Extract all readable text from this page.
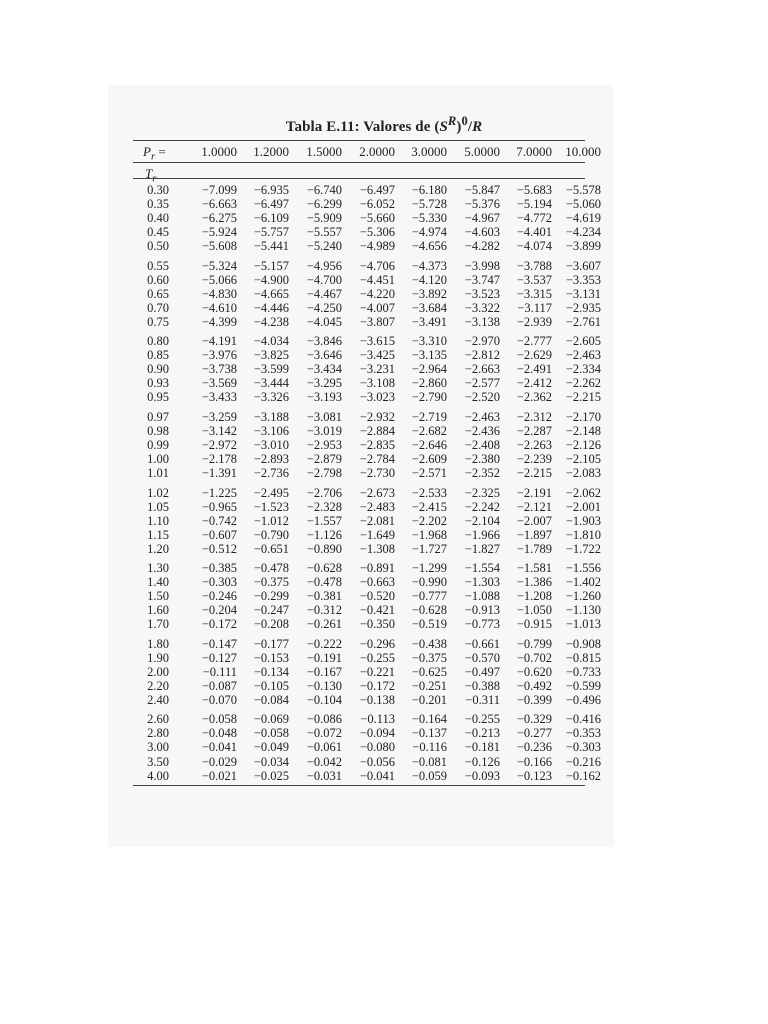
Tabla E.11: Valores de $(S^R)^0/R$
$P_r$ =	1.0000	1.2000	1.5000	2.0000	3.0000	5.0000	7.0000	10.000
$T_r$
0.30	−7.099	−6.935	−6.740	−6.497	−6.180	−5.847	−5.683	−5.578
0.35	−6.663	−6.497	−6.299	−6.052	−5.728	−5.376	−5.194	−5.060
0.40	−6.275	−6.109	−5.909	−5.660	−5.330	−4.967	−4.772	−4.619
0.45	−5.924	−5.757	−5.557	−5.306	−4.974	−4.603	−4.401	−4.234
0.50	−5.608	−5.441	−5.240	−4.989	−4.656	−4.282	−4.074	−3.899
0.55	−5.324	−5.157	−4.956	−4.706	−4.373	−3.998	−3.788	−3.607
0.60	−5.066	−4.900	−4.700	−4.451	−4.120	−3.747	−3.537	−3.353
0.65	−4.830	−4.665	−4.467	−4.220	−3.892	−3.523	−3.315	−3.131
0.70	−4.610	−4.446	−4.250	−4.007	−3.684	−3.322	−3.117	−2.935
0.75	−4.399	−4.238	−4.045	−3.807	−3.491	−3.138	−2.939	−2.761
0.80	−4.191	−4.034	−3.846	−3.615	−3.310	−2.970	−2.777	−2.605
0.85	−3.976	−3.825	−3.646	−3.425	−3.135	−2.812	−2.629	−2.463
0.90	−3.738	−3.599	−3.434	−3.231	−2.964	−2.663	−2.491	−2.334
0.93	−3.569	−3.444	−3.295	−3.108	−2.860	−2.577	−2.412	−2.262
0.95	−3.433	−3.326	−3.193	−3.023	−2.790	−2.520	−2.362	−2.215
0.97	−3.259	−3.188	−3.081	−2.932	−2.719	−2.463	−2.312	−2.170
0.98	−3.142	−3.106	−3.019	−2.884	−2.682	−2.436	−2.287	−2.148
0.99	−2.972	−3.010	−2.953	−2.835	−2.646	−2.408	−2.263	−2.126
1.00	−2.178	−2.893	−2.879	−2.784	−2.609	−2.380	−2.239	−2.105
1.01	−1.391	−2.736	−2.798	−2.730	−2.571	−2.352	−2.215	−2.083
1.02	−1.225	−2.495	−2.706	−2.673	−2.533	−2.325	−2.191	−2.062
1.05	−0.965	−1.523	−2.328	−2.483	−2.415	−2.242	−2.121	−2.001
1.10	−0.742	−1.012	−1.557	−2.081	−2.202	−2.104	−2.007	−1.903
1.15	−0.607	−0.790	−1.126	−1.649	−1.968	−1.966	−1.897	−1.810
1.20	−0.512	−0.651	−0.890	−1.308	−1.727	−1.827	−1.789	−1.722
1.30	−0.385	−0.478	−0.628	−0.891	−1.299	−1.554	−1.581	−1.556
1.40	−0.303	−0.375	−0.478	−0.663	−0.990	−1.303	−1.386	−1.402
1.50	−0.246	−0.299	−0.381	−0.520	−0.777	−1.088	−1.208	−1.260
1.60	−0.204	−0.247	−0.312	−0.421	−0.628	−0.913	−1.050	−1.130
1.70	−0.172	−0.208	−0.261	−0.350	−0.519	−0.773	−0.915	−1.013
1.80	−0.147	−0.177	−0.222	−0.296	−0.438	−0.661	−0.799	−0.908
1.90	−0.127	−0.153	−0.191	−0.255	−0.375	−0.570	−0.702	−0.815
2.00	−0.111	−0.134	−0.167	−0.221	−0.625	−0.497	−0.620	−0.733
2.20	−0.087	−0.105	−0.130	−0.172	−0.251	−0.388	−0.492	−0.599
2.40	−0.070	−0.084	−0.104	−0.138	−0.201	−0.311	−0.399	−0.496
2.60	−0.058	−0.069	−0.086	−0.113	−0.164	−0.255	−0.329	−0.416
2.80	−0.048	−0.058	−0.072	−0.094	−0.137	−0.213	−0.277	−0.353
3.00	−0.041	−0.049	−0.061	−0.080	−0.116	−0.181	−0.236	−0.303
3.50	−0.029	−0.034	−0.042	−0.056	−0.081	−0.126	−0.166	−0.216
4.00	−0.021	−0.025	−0.031	−0.041	−0.059	−0.093	−0.123	−0.162
